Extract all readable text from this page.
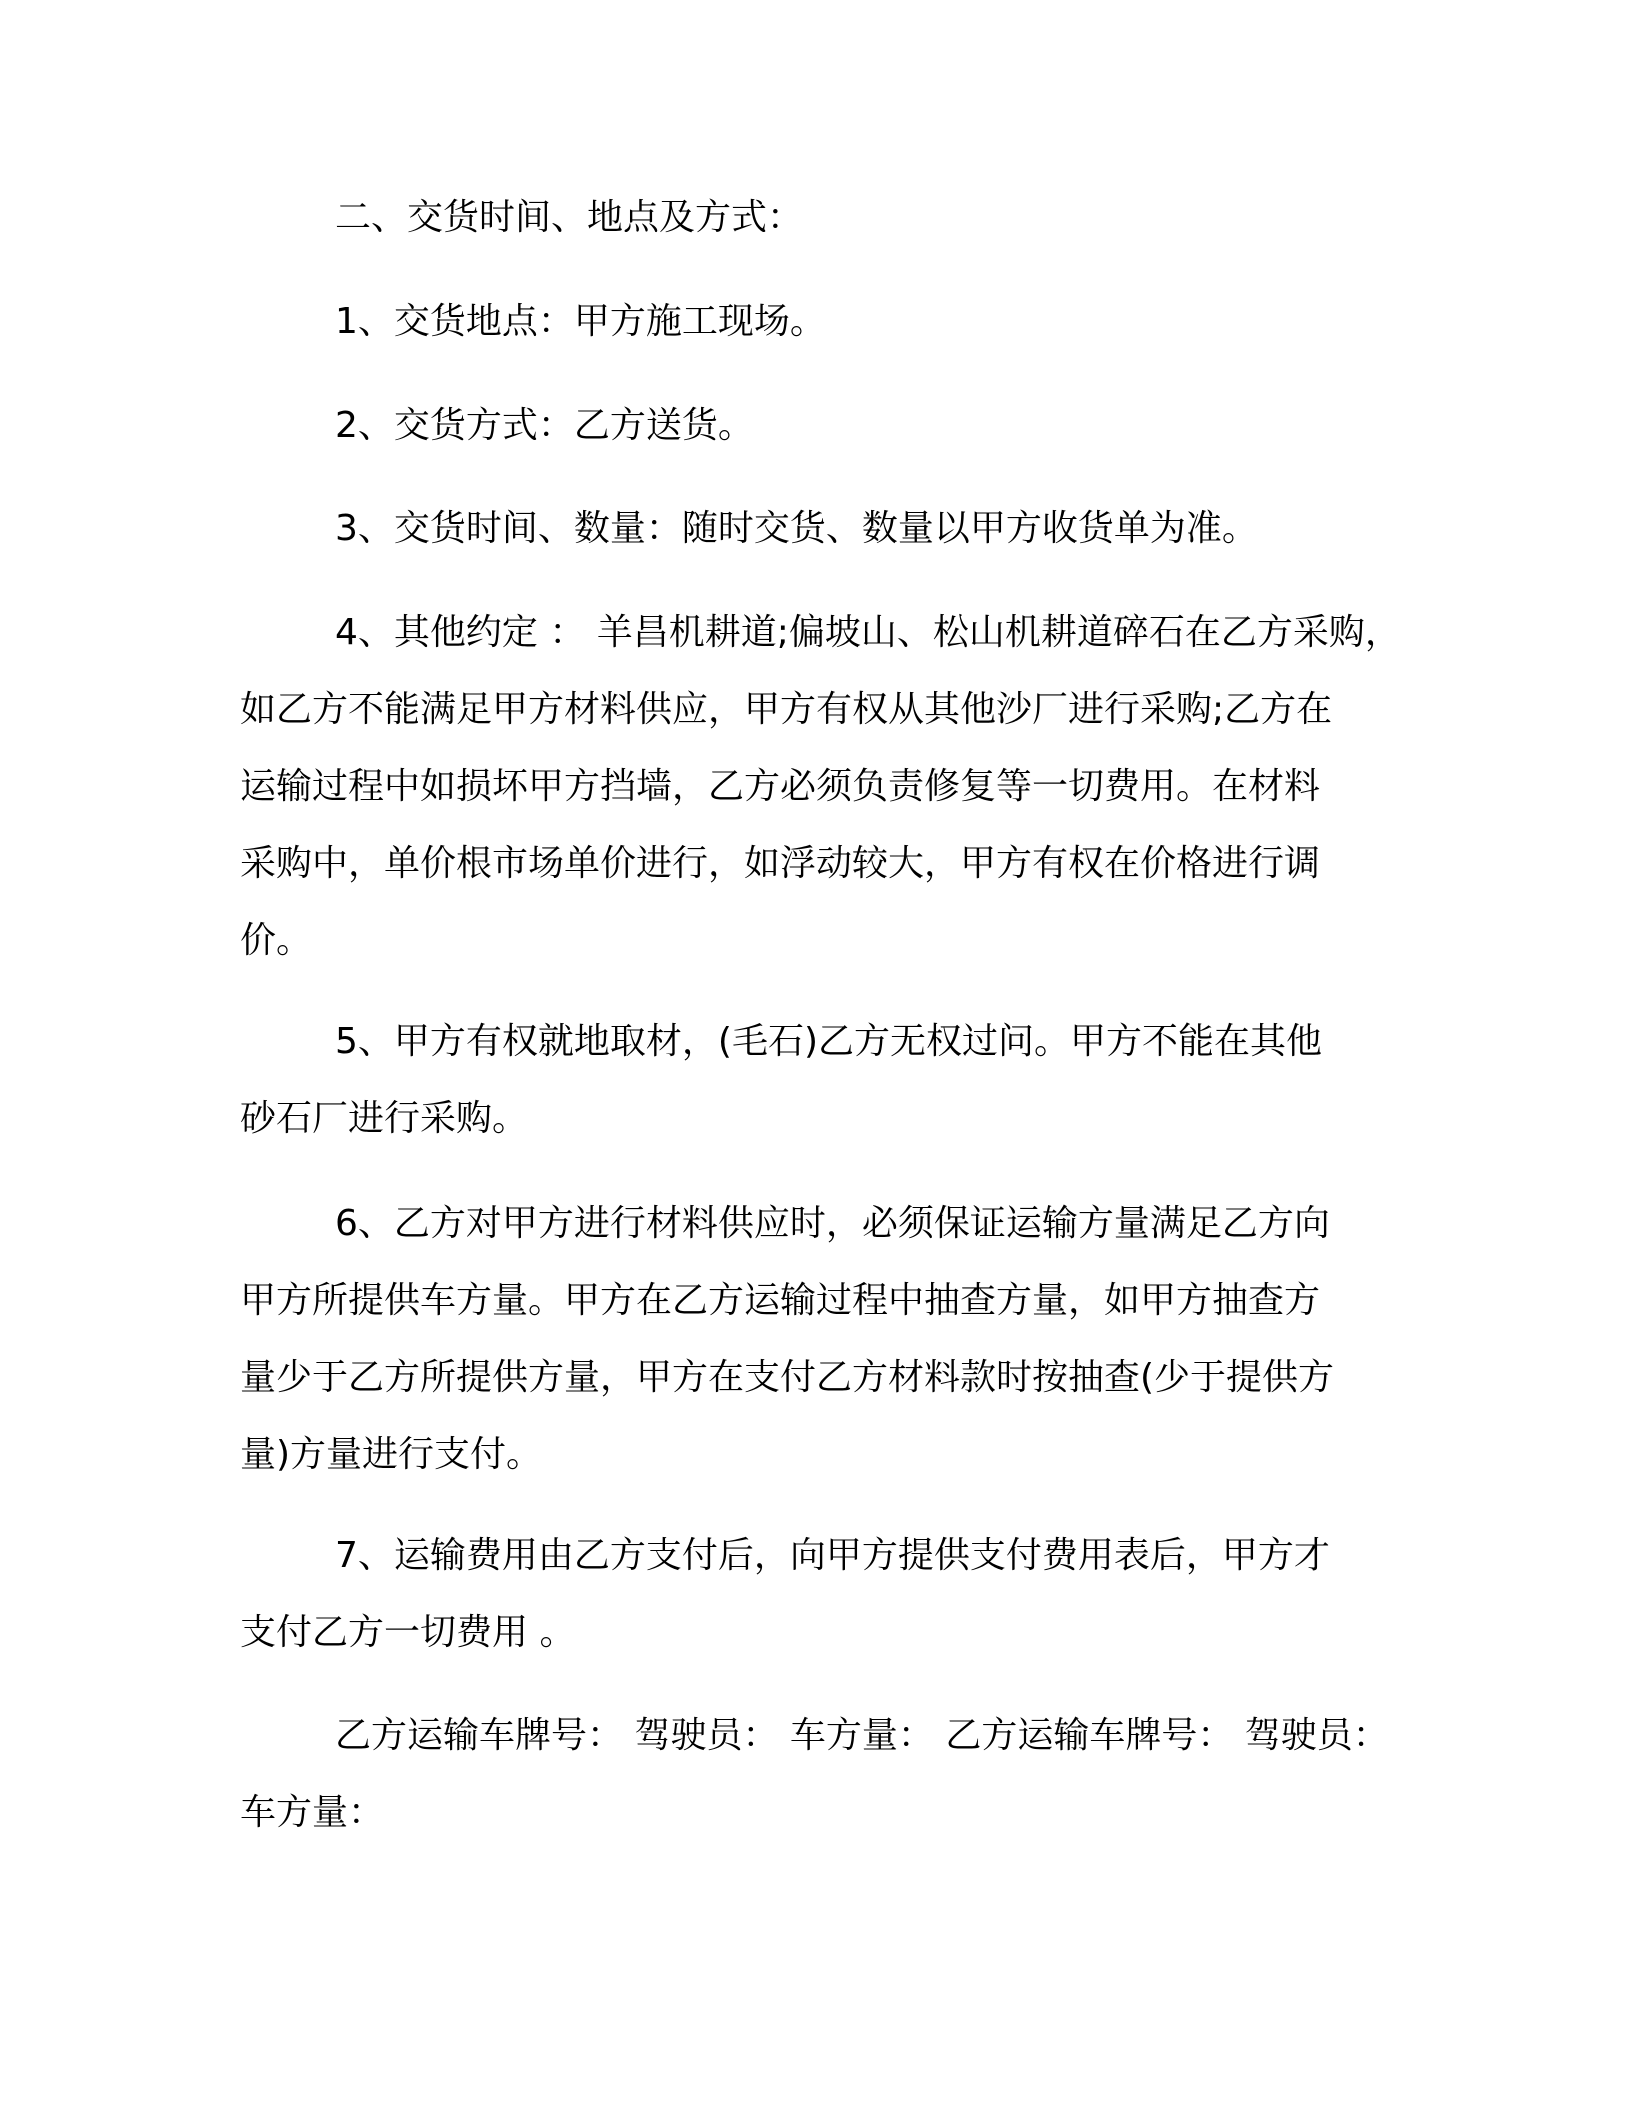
二、交货时间、地点及方式：

1、交货地点：甲方施工现场。

2、交货方式：乙方送货。

3、交货时间、数量：随时交货、数量以甲方收货单为准。

4、其他约定 ： 羊昌机耕道;偏坡山、松山机耕道碎石在乙方采购，
如乙方不能满足甲方材料供应，甲方有权从其他沙厂进行采购;乙方在
运输过程中如损坏甲方挡墙，乙方必须负责修复等一切费用。在材料
采购中，单价根市场单价进行，如浮动较大，甲方有权在价格进行调
价。

5、甲方有权就地取材，(毛石)乙方无权过问。甲方不能在其他
砂石厂进行采购。

6、乙方对甲方进行材料供应时，必须保证运输方量满足乙方向
甲方所提供车方量。甲方在乙方运输过程中抽查方量，如甲方抽查方
量少于乙方所提供方量，甲方在支付乙方材料款时按抽查(少于提供方
量)方量进行支付。

7、运输费用由乙方支付后，向甲方提供支付费用表后，甲方才
支付乙方一切费用 。

乙方运输车牌号： 驾驶员： 车方量： 乙方运输车牌号： 驾驶员：
车方量：
